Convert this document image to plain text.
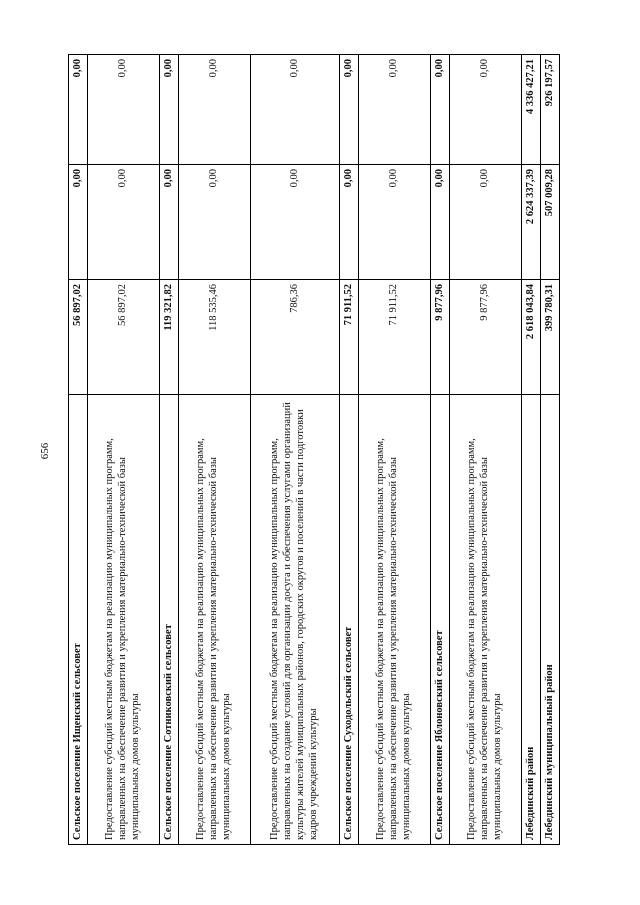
656
Сельское поселение Ищенский сельсовет	56 897,02	0,00	0,00
Предоставление субсидий местным бюджетам на реализацию муниципальных программ, направленных на обеспечение развития и укрепления материально-технической базы муниципальных домов культуры	56 897,02	0,00	0,00
Сельское поселение Сотниковский сельсовет	119 321,82	0,00	0,00
Предоставление субсидий местным бюджетам на реализацию муниципальных программ, направленных на обеспечение развития и укрепления материально-технической базы муниципальных домов культуры	118 535,46	0,00	0,00
Предоставление субсидий местным бюджетам на реализацию муниципальных программ, направленных на создание условий для организации досуга и обеспечения услугами организаций культуры жителей муниципальных районов, городских округов и поселений в части подготовки кадров учреждений культуры	786,36	0,00	0,00
Сельское поселение Суходольский сельсовет	71 911,52	0,00	0,00
Предоставление субсидий местным бюджетам на реализацию муниципальных программ, направленных на обеспечение развития и укрепления материально-технической базы муниципальных домов культуры	71 911,52	0,00	0,00
Сельское поселение Яблоновский сельсовет	9 877,96	0,00	0,00
Предоставление субсидий местным бюджетам на реализацию муниципальных программ, направленных на обеспечение развития и укрепления материально-технической базы муниципальных домов культуры	9 877,96	0,00	0,00
Лебединский район	2 618 043,84	2 624 337,39	4 336 427,21
Лебединский муниципальный район	399 780,31	507 009,28	926 197,57
